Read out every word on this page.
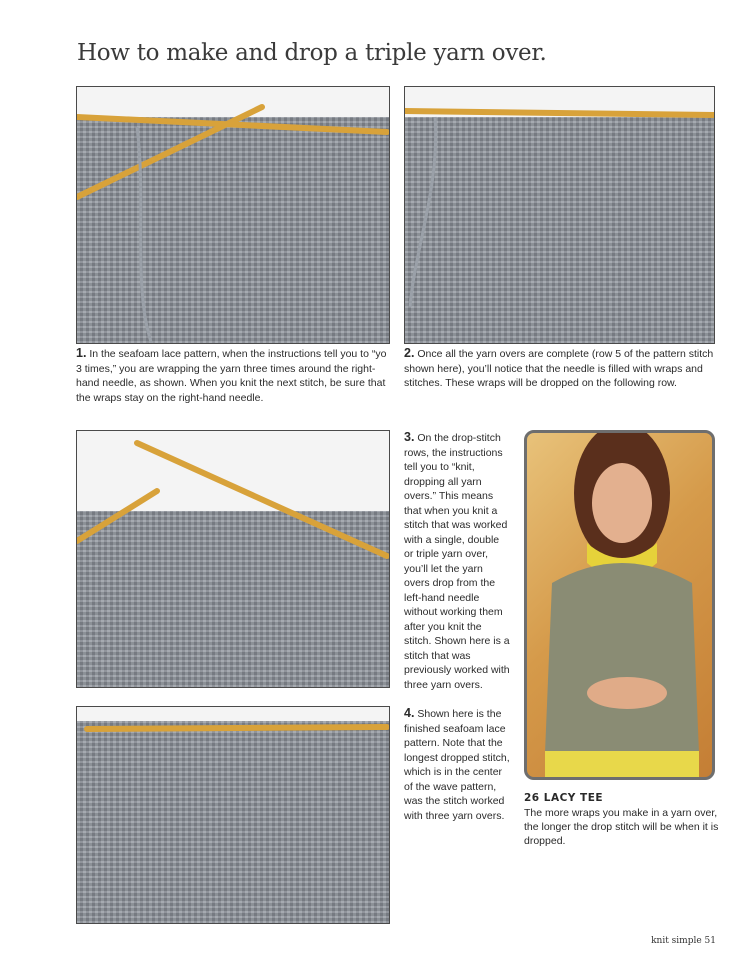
How to make and drop a triple yarn over.

1. In the seafoam lace pattern, when the instructions tell you to “yo 3 times,” you are wrapping the yarn three times around the right-hand needle, as shown. When you knit the next stitch, be sure that the wraps stay on the right-hand needle.

2. Once all the yarn overs are complete (row 5 of the pattern stitch shown here), you’ll notice that the needle is filled with wraps and stitches. These wraps will be dropped on the following row.

3. On the drop-stitch rows, the instructions tell you to “knit, dropping all yarn overs.” This means that when you knit a stitch that was worked with a single, double or triple yarn over, you’ll let the yarn overs drop from the left-hand needle without working them after you knit the stitch. Shown here is a stitch that was previously worked with three yarn overs.

4. Shown here is the finished seafoam lace pattern. Note that the longest dropped stitch, which is in the center of the wave pattern, was the stitch worked with three yarn overs.

26 LACY TEE
The more wraps you make in a yarn over, the longer the drop stitch will be when it is dropped.
knit simple 51
